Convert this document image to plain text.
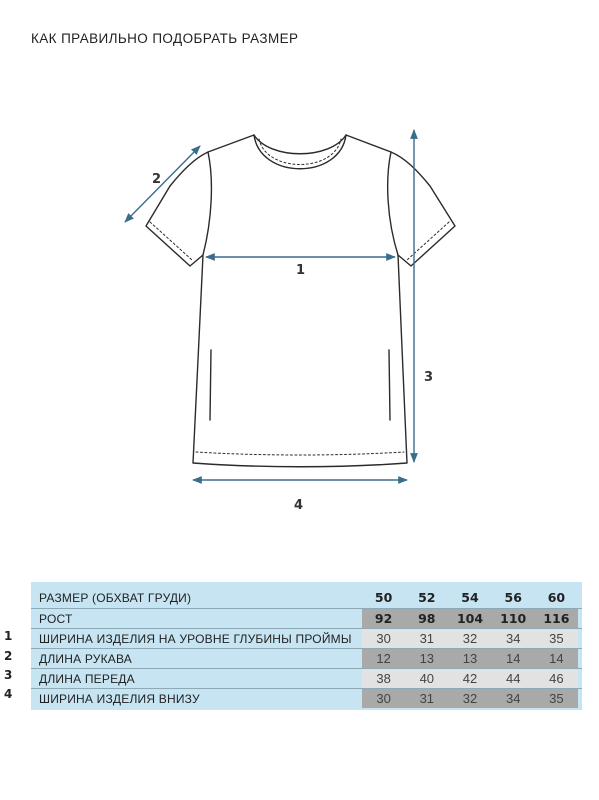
КАК ПРАВИЛЬНО ПОДОБРАТЬ РАЗМЕР
1
2
3
4
1
2
3
4
РАЗМЕР (ОБХВАТ ГРУДИ)	50	52	54	56	60
РОСТ	92	98	104	110	116
ШИРИНА ИЗДЕЛИЯ НА УРОВНЕ ГЛУБИНЫ ПРОЙМЫ	30	31	32	34	35
ДЛИНА РУКАВА	12	13	13	14	14
ДЛИНА ПЕРЕДА	38	40	42	44	46
ШИРИНА ИЗДЕЛИЯ ВНИЗУ	30	31	32	34	35
